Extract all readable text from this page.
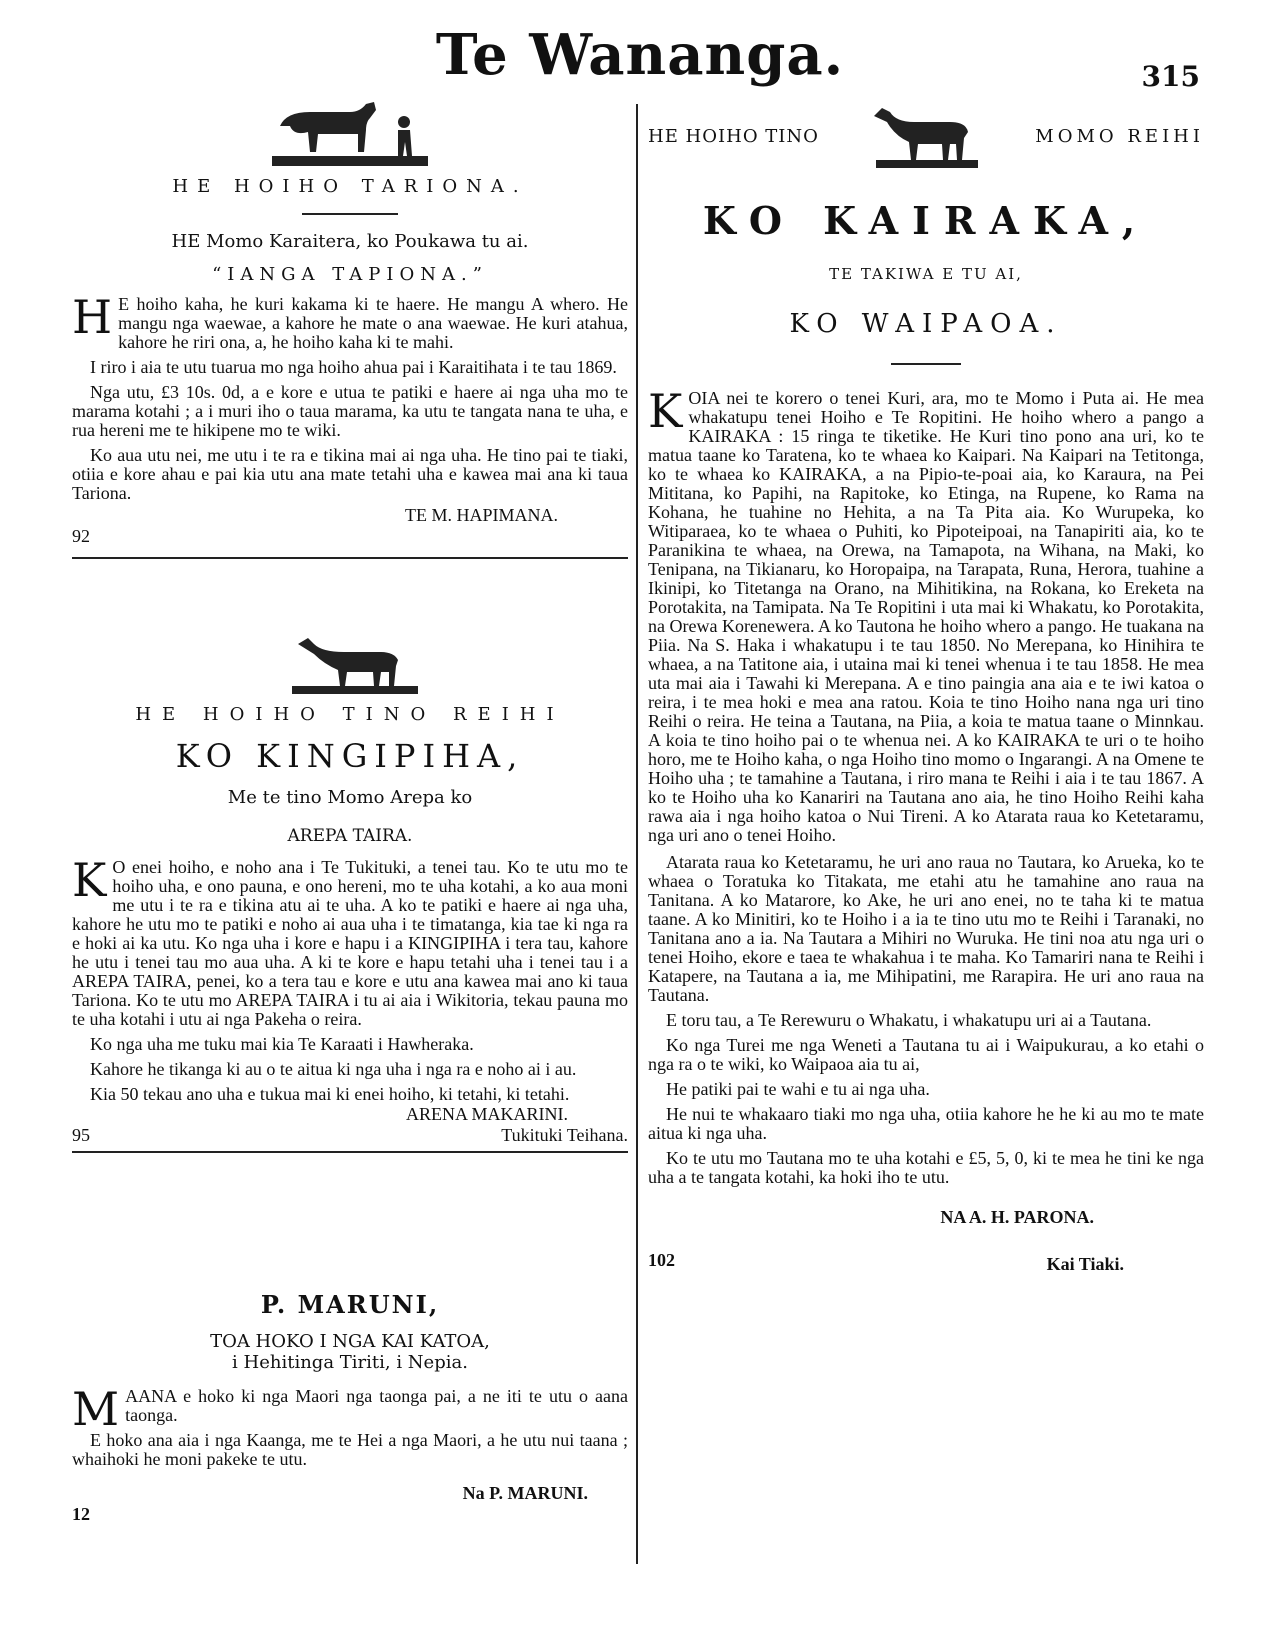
Te Wananga.	315
HE HOIHO TARIONA.
HE Momo Karaitera, ko Poukawa tu ai.
“IANGA TAPIONA.”
H E hoiho kaha, he kuri kakama ki te haere. He mangu A whero. He mangu nga waewae, a kahore he mate o ana waewae. He kuri atahua, kahore he riri ona, a, he hoiho kaha ki te mahi.
I riro i aia te utu tuarua mo nga hoiho ahua pai i Karaitihata i te tau 1869.
Nga utu, £3 10s. 0d, a e kore e utua te patiki e haere ai nga uha mo te marama kotahi ; a i muri iho o taua marama, ka utu te tangata nana te uha, e rua hereni me te hikipene mo te wiki.
Ko aua utu nei, me utu i te ra e tikina mai ai nga uha. He tino pai te tiaki, otiia e kore ahau e pai kia utu ana mate tetahi uha e kawea mai ana ki taua Tariona.
TE M. HAPIMANA.
92
HE HOIHO TINO REIHI
KO KINGIPIHA,
Me te tino Momo Arepa ko
AREPA TAIRA.
K O enei hoiho, e noho ana i Te Tukituki, a tenei tau. Ko te utu mo te hoiho uha, e ono pauna, e ono hereni, mo te uha kotahi, a ko aua moni me utu i te ra e tikina atu ai te uha. A ko te patiki e haere ai nga uha, kahore he utu mo te patiki e noho ai aua uha i te timatanga, kia tae ki nga ra e hoki ai ka utu. Ko nga uha i kore e hapu i a KINGIPIHA i tera tau, kahore he utu i tenei tau mo aua uha. A ki te kore e hapu tetahi uha i tenei tau i a AREPA TAIRA, penei, ko a tera tau e kore e utu ana kawea mai ano ki taua Tariona. Ko te utu mo AREPA TAIRA i tu ai aia i Wikitoria, tekau pauna mo te uha kotahi i utu ai nga Pakeha o reira.
Ko nga uha me tuku mai kia Te Karaati i Hawheraka.
Kahore he tikanga ki au o te aitua ki nga uha i nga ra e noho ai i au.
Kia 50 tekau ano uha e tukua mai ki enei hoiho, ki tetahi, ki tetahi.
ARENA MAKARINI.
95	Tukituki Teihana.
P. MARUNI,
TOA HOKO I NGA KAI KATOA,
i Hehitinga Tiriti, i Nepia.
MAANA e hoko ki nga Maori nga taonga pai, a ne iti te utu o aana taonga.
E hoko ana aia i nga Kaanga, me te Hei a nga Maori, a he utu nui taana ; whaihoki he moni pakeke te utu.
Na P. MARUNI.
12
HE HOIHO TINO	MOMO REIHI
KO KAIRAKA,
TE TAKIWA E TU AI,
KO WAIPAOA.
KOIA nei te korero o tenei Kuri, ara, mo te Momo i Puta ai. He mea whakatupu tenei Hoiho e Te Ropitini. He hoiho whero a pango a KAIRAKA : 15 ringa te tiketike. He Kuri tino pono ana uri, ko te matua taane ko Taratena, ko te whaea ko Kaipari. Na Kaipari na Tetitonga, ko te whaea ko KAIRAKA, a na Pipio-te-poai aia, ko Karaura, na Pei Mititana, ko Papihi, na Rapitoke, ko Etinga, na Rupene, ko Rama na Kohana, he tuahine no Hehita, a na Ta Pita aia. Ko Wurupeka, ko Witiparaea, ko te whaea o Puhiti, ko Pipoteipoai, na Tanapiriti aia, ko te Paranikina te whaea, na Orewa, na Tamapota, na Wihana, na Maki, ko Tenipana, na Tikianaru, ko Horopaipa, na Tarapata, Runa, Herora, tuahine a Ikinipi, ko Titetanga na Orano, na Mihitikina, na Rokana, ko Ereketa na Porotakita, na Tamipata. Na Te Ropitini i uta mai ki Whakatu, ko Porotakita, na Orewa Korenewera. A ko Tautona he hoiho whero a pango. He tuakana na Piia. Na S. Haka i whakatupu i te tau 1850. No Merepana, ko Hinihira te whaea, a na Tatitone aia, i utaina mai ki tenei whenua i te tau 1858. He mea uta mai aia i Tawahi ki Merepana. A e tino paingia ana aia e te iwi katoa o reira, i te mea hoki e mea ana ratou. Koia te tino Hoiho nana nga uri tino Reihi o reira. He teina a Tautana, na Piia, a koia te matua taane o Minnkau. A koia te tino hoiho pai o te whenua nei. A ko KAIRAKA te uri o te hoiho horo, me te Hoiho kaha, o nga Hoiho tino momo o Ingarangi. A na Omene te Hoiho uha ; te tamahine a Tautana, i riro mana te Reihi i aia i te tau 1867. A ko te Hoiho uha ko Kanariri na Tautana ano aia, he tino Hoiho Reihi kaha rawa aia i nga hoiho katoa o Nui Tireni. A ko Atarata raua ko Ketetaramu, nga uri ano o tenei Hoiho.
Atarata raua ko Ketetaramu, he uri ano raua no Tautara, ko Arueka, ko te whaea o Toratuka ko Titakata, me etahi atu he tamahine ano raua na Tanitana. A ko Matarore, ko Ake, he uri ano enei, no te taha ki te matua taane. A ko Minitiri, ko te Hoiho i a ia te tino utu mo te Reihi i Taranaki, no Tanitana ano a ia. Na Tautara a Mihiri no Wuruka. He tini noa atu nga uri o tenei Hoiho, ekore e taea te whakahua i te maha. Ko Tamariri nana te Reihi i Katapere, na Tautana a ia, me Mihipatini, me Rarapira. He uri ano raua na Tautana.
E toru tau, a Te Rerewuru o Whakatu, i whakatupu uri ai a Tautana.
Ko nga Turei me nga Weneti a Tautana tu ai i Waipukurau, a ko etahi o nga ra o te wiki, ko Waipaoa aia tu ai,
He patiki pai te wahi e tu ai nga uha.
He nui te whakaaro tiaki mo nga uha, otiia kahore he he ki au mo te mate aitua ki nga uha.
Ko te utu mo Tautana mo te uha kotahi e £5, 5, 0, ki te mea he tini ke nga uha a te tangata kotahi, ka hoki iho te utu.
NA A. H. PARONA.
102	Kai Tiaki.
